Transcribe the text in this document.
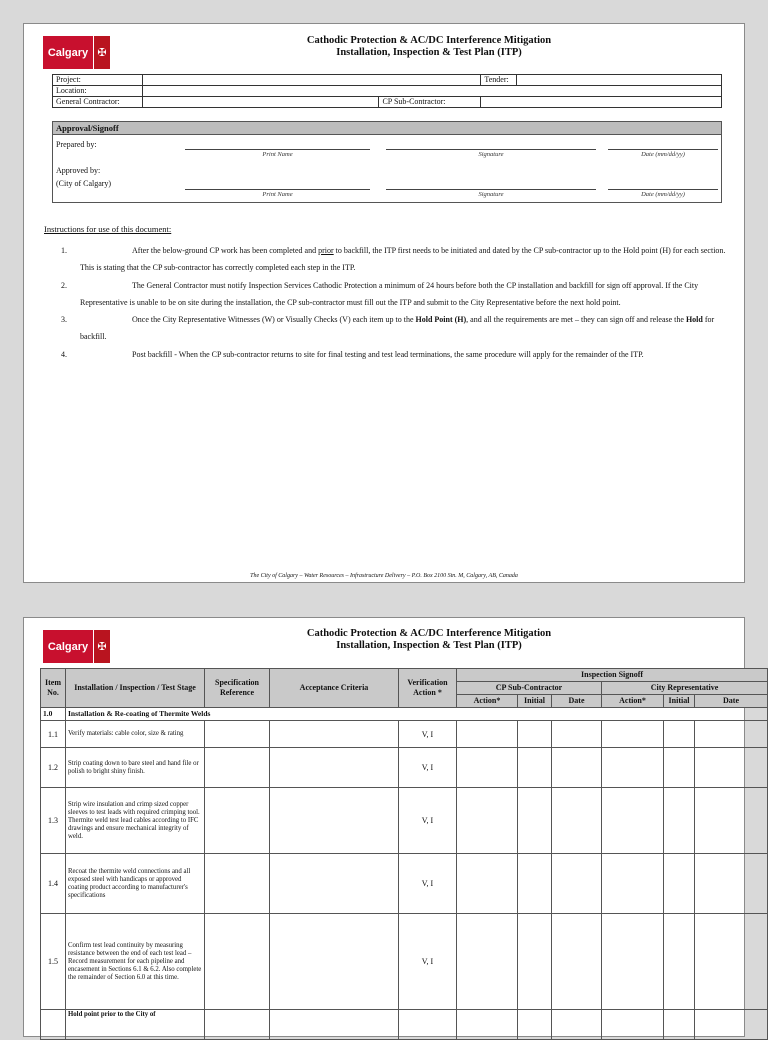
Calgary ✠
Cathodic Protection & AC/DC Interference Mitigation
Installation, Inspection & Test Plan (ITP)
Project:			Tender:	
Location:				
General Contractor:		CP Sub-Contractor:		
Approval/Signoff
Prepared by:
Print Name	Signature	Date (mm/dd/yy)
Approved by:
(City of Calgary)
Print Name	Signature	Date (mm/dd/yy)
Instructions for use of this document:
1.	After the below-ground CP work has been completed and prior to backfill, the ITP first needs to be initiated and dated by the CP sub-contractor up to the Hold point (H) for each section. This is stating that the CP sub-contractor has correctly completed each step in the ITP.
2.	The General Contractor must notify Inspection Services Cathodic Protection a minimum of 24 hours before both the CP installation and backfill for sign off approval. If the City Representative is unable to be on site during the installation, the CP sub-contractor must fill out the ITP and submit to the City Representative before the next hold point.
3.	Once the City Representative Witnesses (W) or Visually Checks (V) each item up to the Hold Point (H), and all the requirements are met – they can sign off and release the Hold for backfill.
4.	Post backfill - When the CP sub-contractor returns to site for final testing and test lead terminations, the same procedure will apply for the remainder of the ITP.
The City of Calgary – Water Resources – Infrastructure Delivery – P.O. Box 2100 Stn. M, Calgary, AB, Canada
Calgary ✠
Cathodic Protection & AC/DC Interference Mitigation
Installation, Inspection & Test Plan (ITP)
Item No.	Installation / Inspection / Test Stage	Specification Reference	Acceptance Criteria	Verification Action *	Inspection Signoff					
					CP Sub-Contractor			City Representative		
					Action*	Initial	Date	Action*	Initial	Date
1.0	Installation & Re-coating of Thermite Welds									
1.1	Verify materials: cable color, size & rating			V, I						
1.2	Strip coating down to bare steel and hand file or polish to bright shiny finish.			V, I						
1.3	Strip wire insulation and crimp sized copper sleeves to test leads with required crimping tool. Thermite weld test lead cables according to IFC drawings and ensure mechanical integrity of weld.			V, I						
1.4	Recoat the thermite weld connections and all exposed steel with handicaps or approved coating product according to manufacturer's specifications			V, I						
1.5	Confirm test lead continuity by measuring resistance between the end of each test lead – Record measurement for each pipeline and encasement in Sections 6.1 & 6.2. Also complete the remainder of Section 6.0 at this time.			V, I						
	Hold point prior to the City of									
